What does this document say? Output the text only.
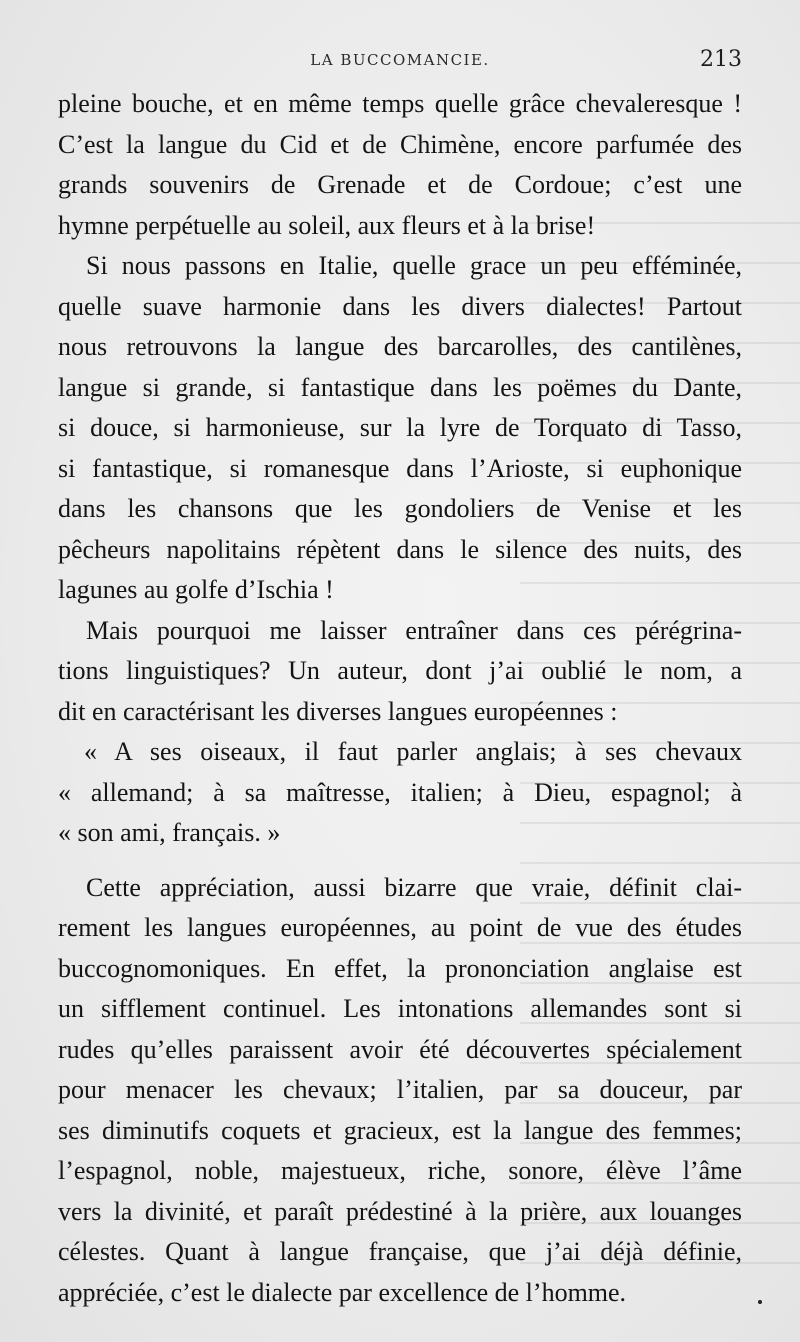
LA BUCCOMANCIE.	213
pleine bouche, et en même temps quelle grâce chevaleresque !
C’est la langue du Cid et de Chimène, encore parfumée des
grands souvenirs de Grenade et de Cordoue; c’est une
hymne perpétuelle au soleil, aux fleurs et à la brise!
Si nous passons en Italie, quelle grace un peu efféminée,
quelle suave harmonie dans les divers dialectes! Partout
nous retrouvons la langue des barcarolles, des cantilènes,
langue si grande, si fantastique dans les poëmes du Dante,
si douce, si harmonieuse, sur la lyre de Torquato di Tasso,
si fantastique, si romanesque dans l’Arioste, si euphonique
dans les chansons que les gondoliers de Venise et les
pêcheurs napolitains répètent dans le silence des nuits, des
lagunes au golfe d’Ischia !
Mais pourquoi me laisser entraîner dans ces pérégrina-
tions linguistiques? Un auteur, dont j’ai oublié le nom, a
dit en caractérisant les diverses langues européennes :
« A ses oiseaux, il faut parler anglais; à ses chevaux
« allemand; à sa maîtresse, italien; à Dieu, espagnol; à
« son ami, français. »
Cette appréciation, aussi bizarre que vraie, définit clai-
rement les langues européennes, au point de vue des études
buccognomoniques. En effet, la prononciation anglaise est
un sifflement continuel. Les intonations allemandes sont si
rudes qu’elles paraissent avoir été découvertes spécialement
pour menacer les chevaux; l’italien, par sa douceur, par
ses diminutifs coquets et gracieux, est la langue des femmes;
l’espagnol, noble, majestueux, riche, sonore, élève l’âme
vers la divinité, et paraît prédestiné à la prière, aux louanges
célestes. Quant à langue française, que j’ai déjà définie,
appréciée, c’est le dialecte par excellence de l’homme.
